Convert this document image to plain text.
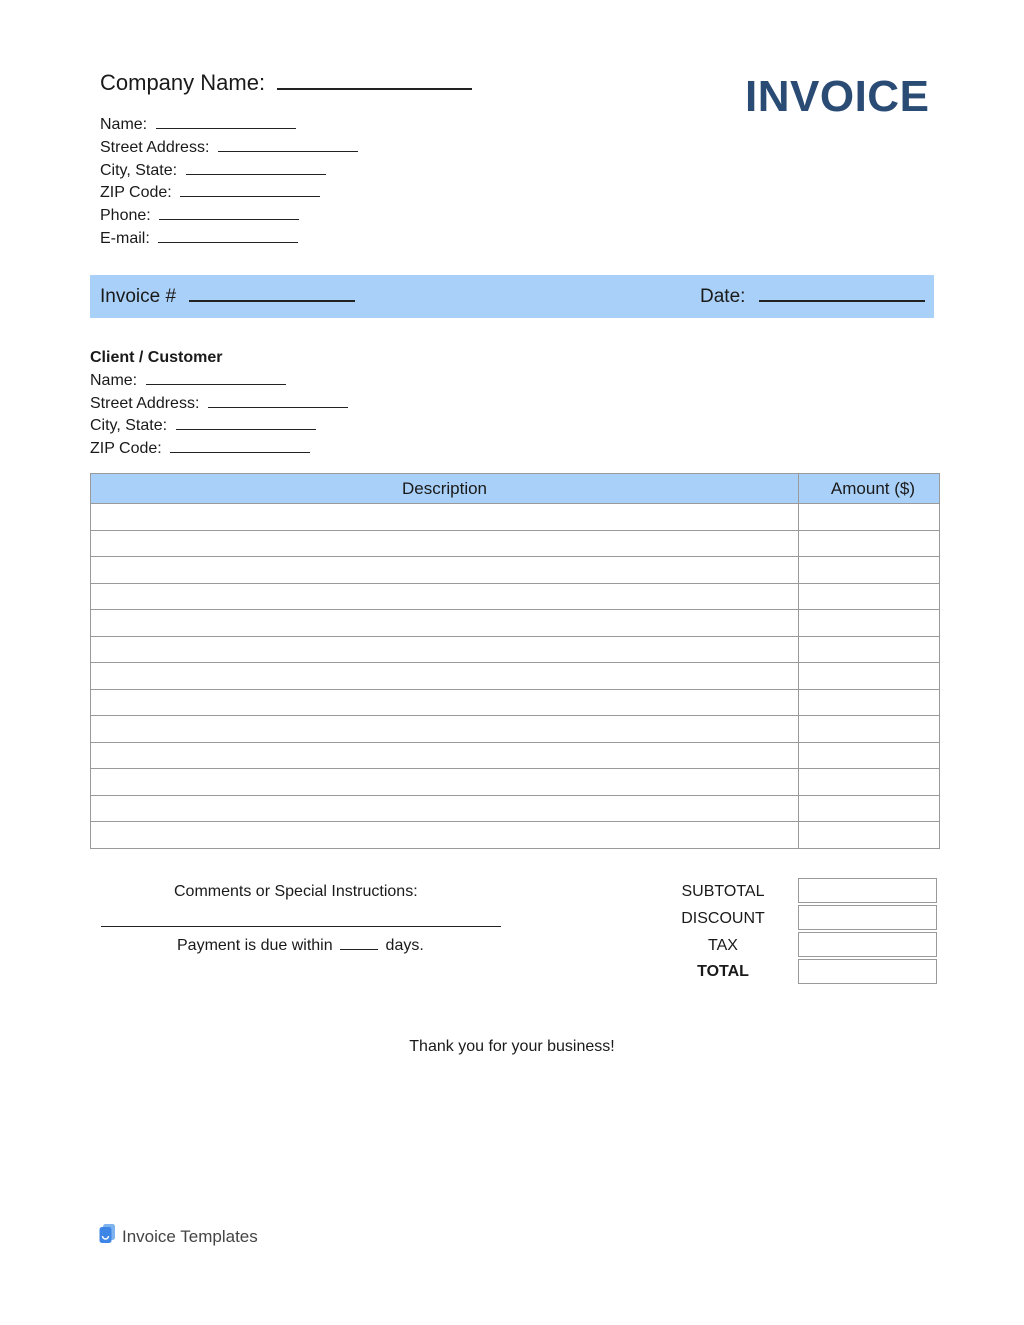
Company Name:
Name:
Street Address:
City, State:
ZIP Code:
Phone:
E-mail:
INVOICE
Invoice #	Date:
Client / Customer
Name:
Street Address:
City, State:
ZIP Code:
Description	Amount ($)

Comments or Special Instructions:
Payment is due within	days.
SUBTOTAL
DISCOUNT
TAX
TOTAL
Thank you for your business!
Invoice Templates
